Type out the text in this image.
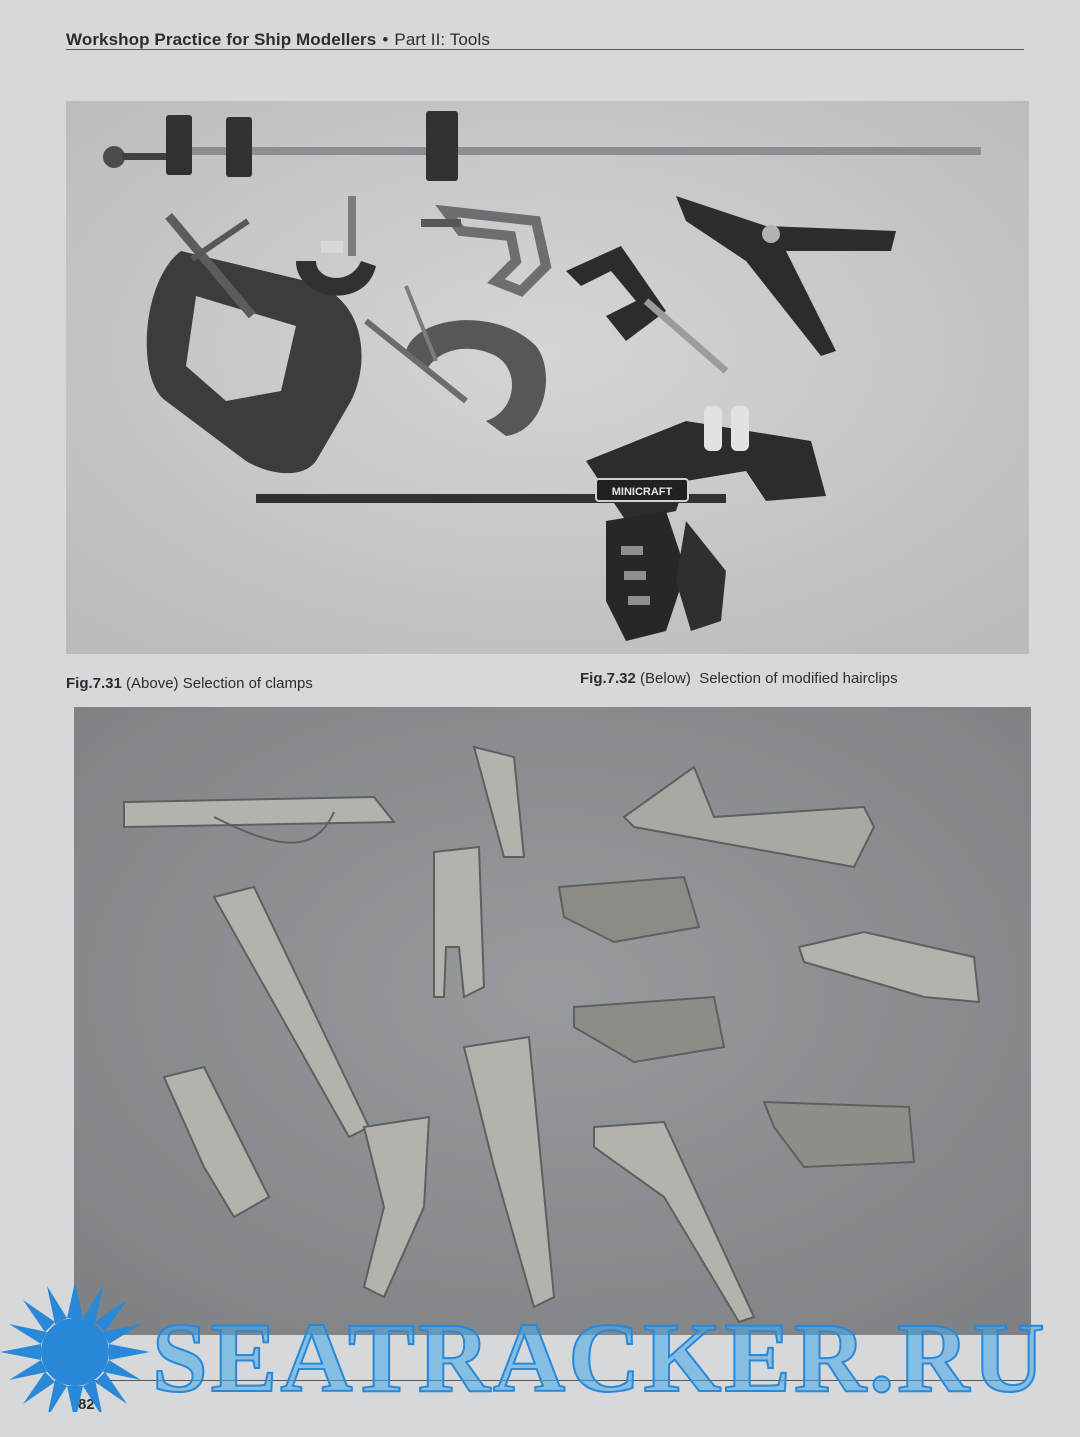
Workshop Practice for Ship Modellers • Part II: Tools
MINICRAFT
Fig.7.31 (Above) Selection of clamps	Fig.7.32 (Below)  Selection of modified hairclips
82 SEATRACKER.RU
